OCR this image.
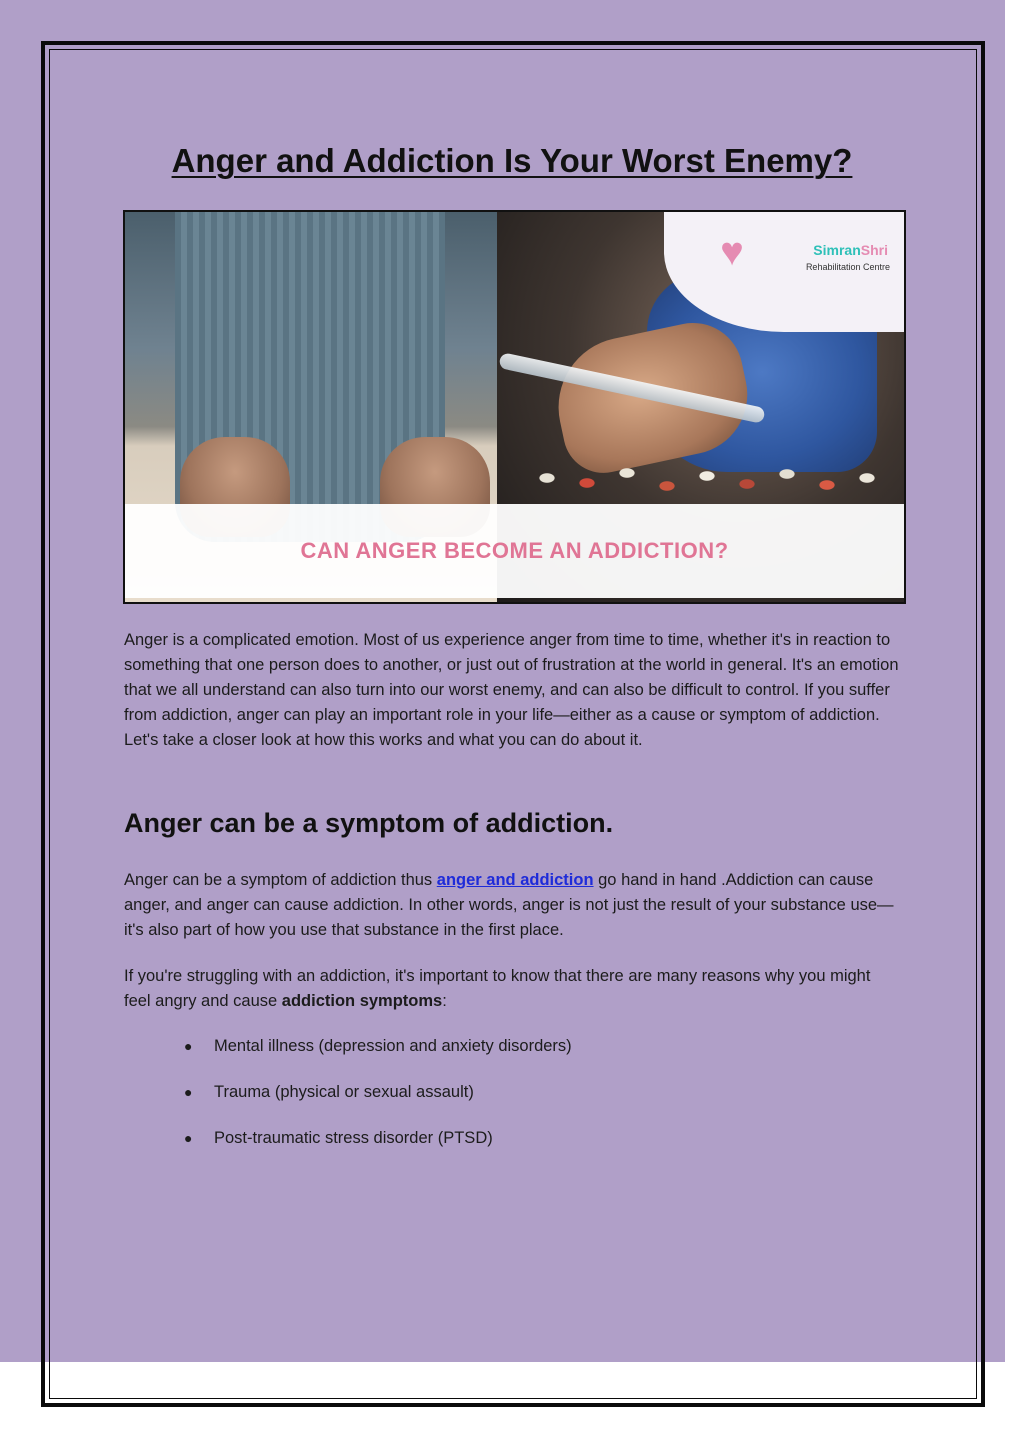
Anger and Addiction Is Your Worst Enemy?
♥	SimranShri

Rehabilitation Centre

CAN ANGER BECOME AN ADDICTION?

Anger is a complicated emotion. Most of us experience anger from time to time, whether it's in reaction to something that one person does to another, or just out of frustration at the world in general. It's an emotion that we all understand can also turn into our worst enemy, and can also be difficult to control. If you suffer from addiction, anger can play an important role in your life—either as a cause or symptom of addiction. Let's take a closer look at how this works and what you can do about it.

Anger can be a symptom of addiction.

Anger can be a symptom of addiction thus anger and addiction go hand in hand .Addiction can cause anger, and anger can cause addiction. In other words, anger is not just the result of your substance use—it's also part of how you use that substance in the first place.

If you're struggling with an addiction, it's important to know that there are many reasons why you might feel angry and cause addiction symptoms:

●	Mental illness (depression and anxiety disorders)
●	Trauma (physical or sexual assault)
●	Post-traumatic stress disorder (PTSD)
